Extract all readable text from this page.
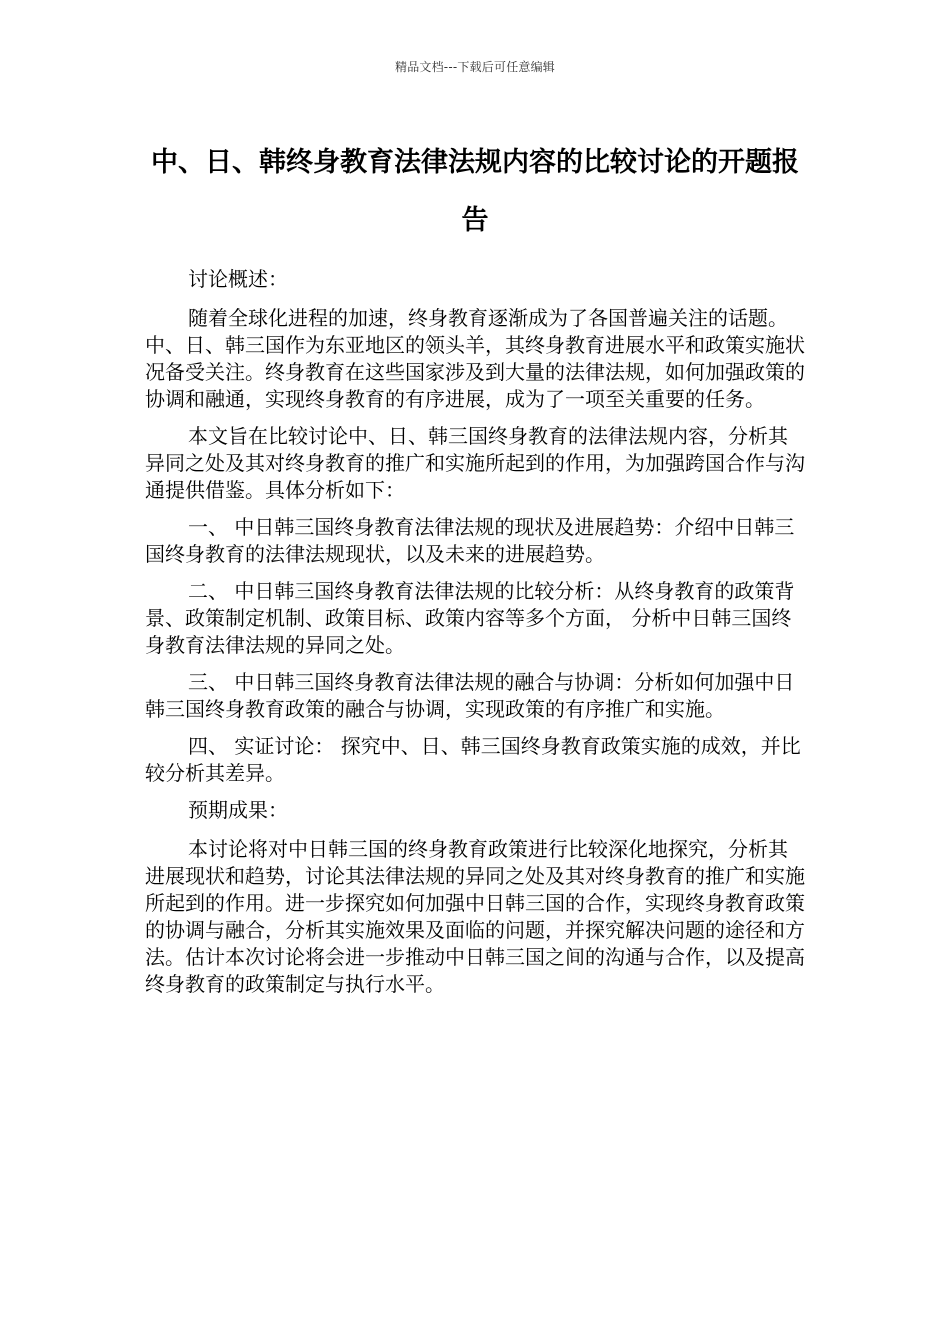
精品文档---下载后可任意编辑
中、日、韩终身教育法律法规内容的比较讨论的开题报告

讨论概述：

随着全球化进程的加速，终身教育逐渐成为了各国普遍关注的话题。中、日、韩三国作为东亚地区的领头羊，其终身教育进展水平和政策实施状况备受关注。终身教育在这些国家涉及到大量的法律法规，如何加强政策的协调和融通，实现终身教育的有序进展，成为了一项至关重要的任务。

本文旨在比较讨论中、日、韩三国终身教育的法律法规内容，分析其异同之处及其对终身教育的推广和实施所起到的作用，为加强跨国合作与沟通提供借鉴。具体分析如下：

一、 中日韩三国终身教育法律法规的现状及进展趋势：介绍中日韩三国终身教育的法律法规现状，以及未来的进展趋势。

二、 中日韩三国终身教育法律法规的比较分析：从终身教育的政策背景、政策制定机制、政策目标、政策内容等多个方面， 分析中日韩三国终身教育法律法规的异同之处。

三、 中日韩三国终身教育法律法规的融合与协调：分析如何加强中日韩三国终身教育政策的融合与协调，实现政策的有序推广和实施。

四、 实证讨论： 探究中、日、韩三国终身教育政策实施的成效，并比较分析其差异。

预期成果：

本讨论将对中日韩三国的终身教育政策进行比较深化地探究，分析其进展现状和趋势，讨论其法律法规的异同之处及其对终身教育的推广和实施所起到的作用。进一步探究如何加强中日韩三国的合作，实现终身教育政策的协调与融合，分析其实施效果及面临的问题，并探究解决问题的途径和方法。估计本次讨论将会进一步推动中日韩三国之间的沟通与合作，以及提高终身教育的政策制定与执行水平。
